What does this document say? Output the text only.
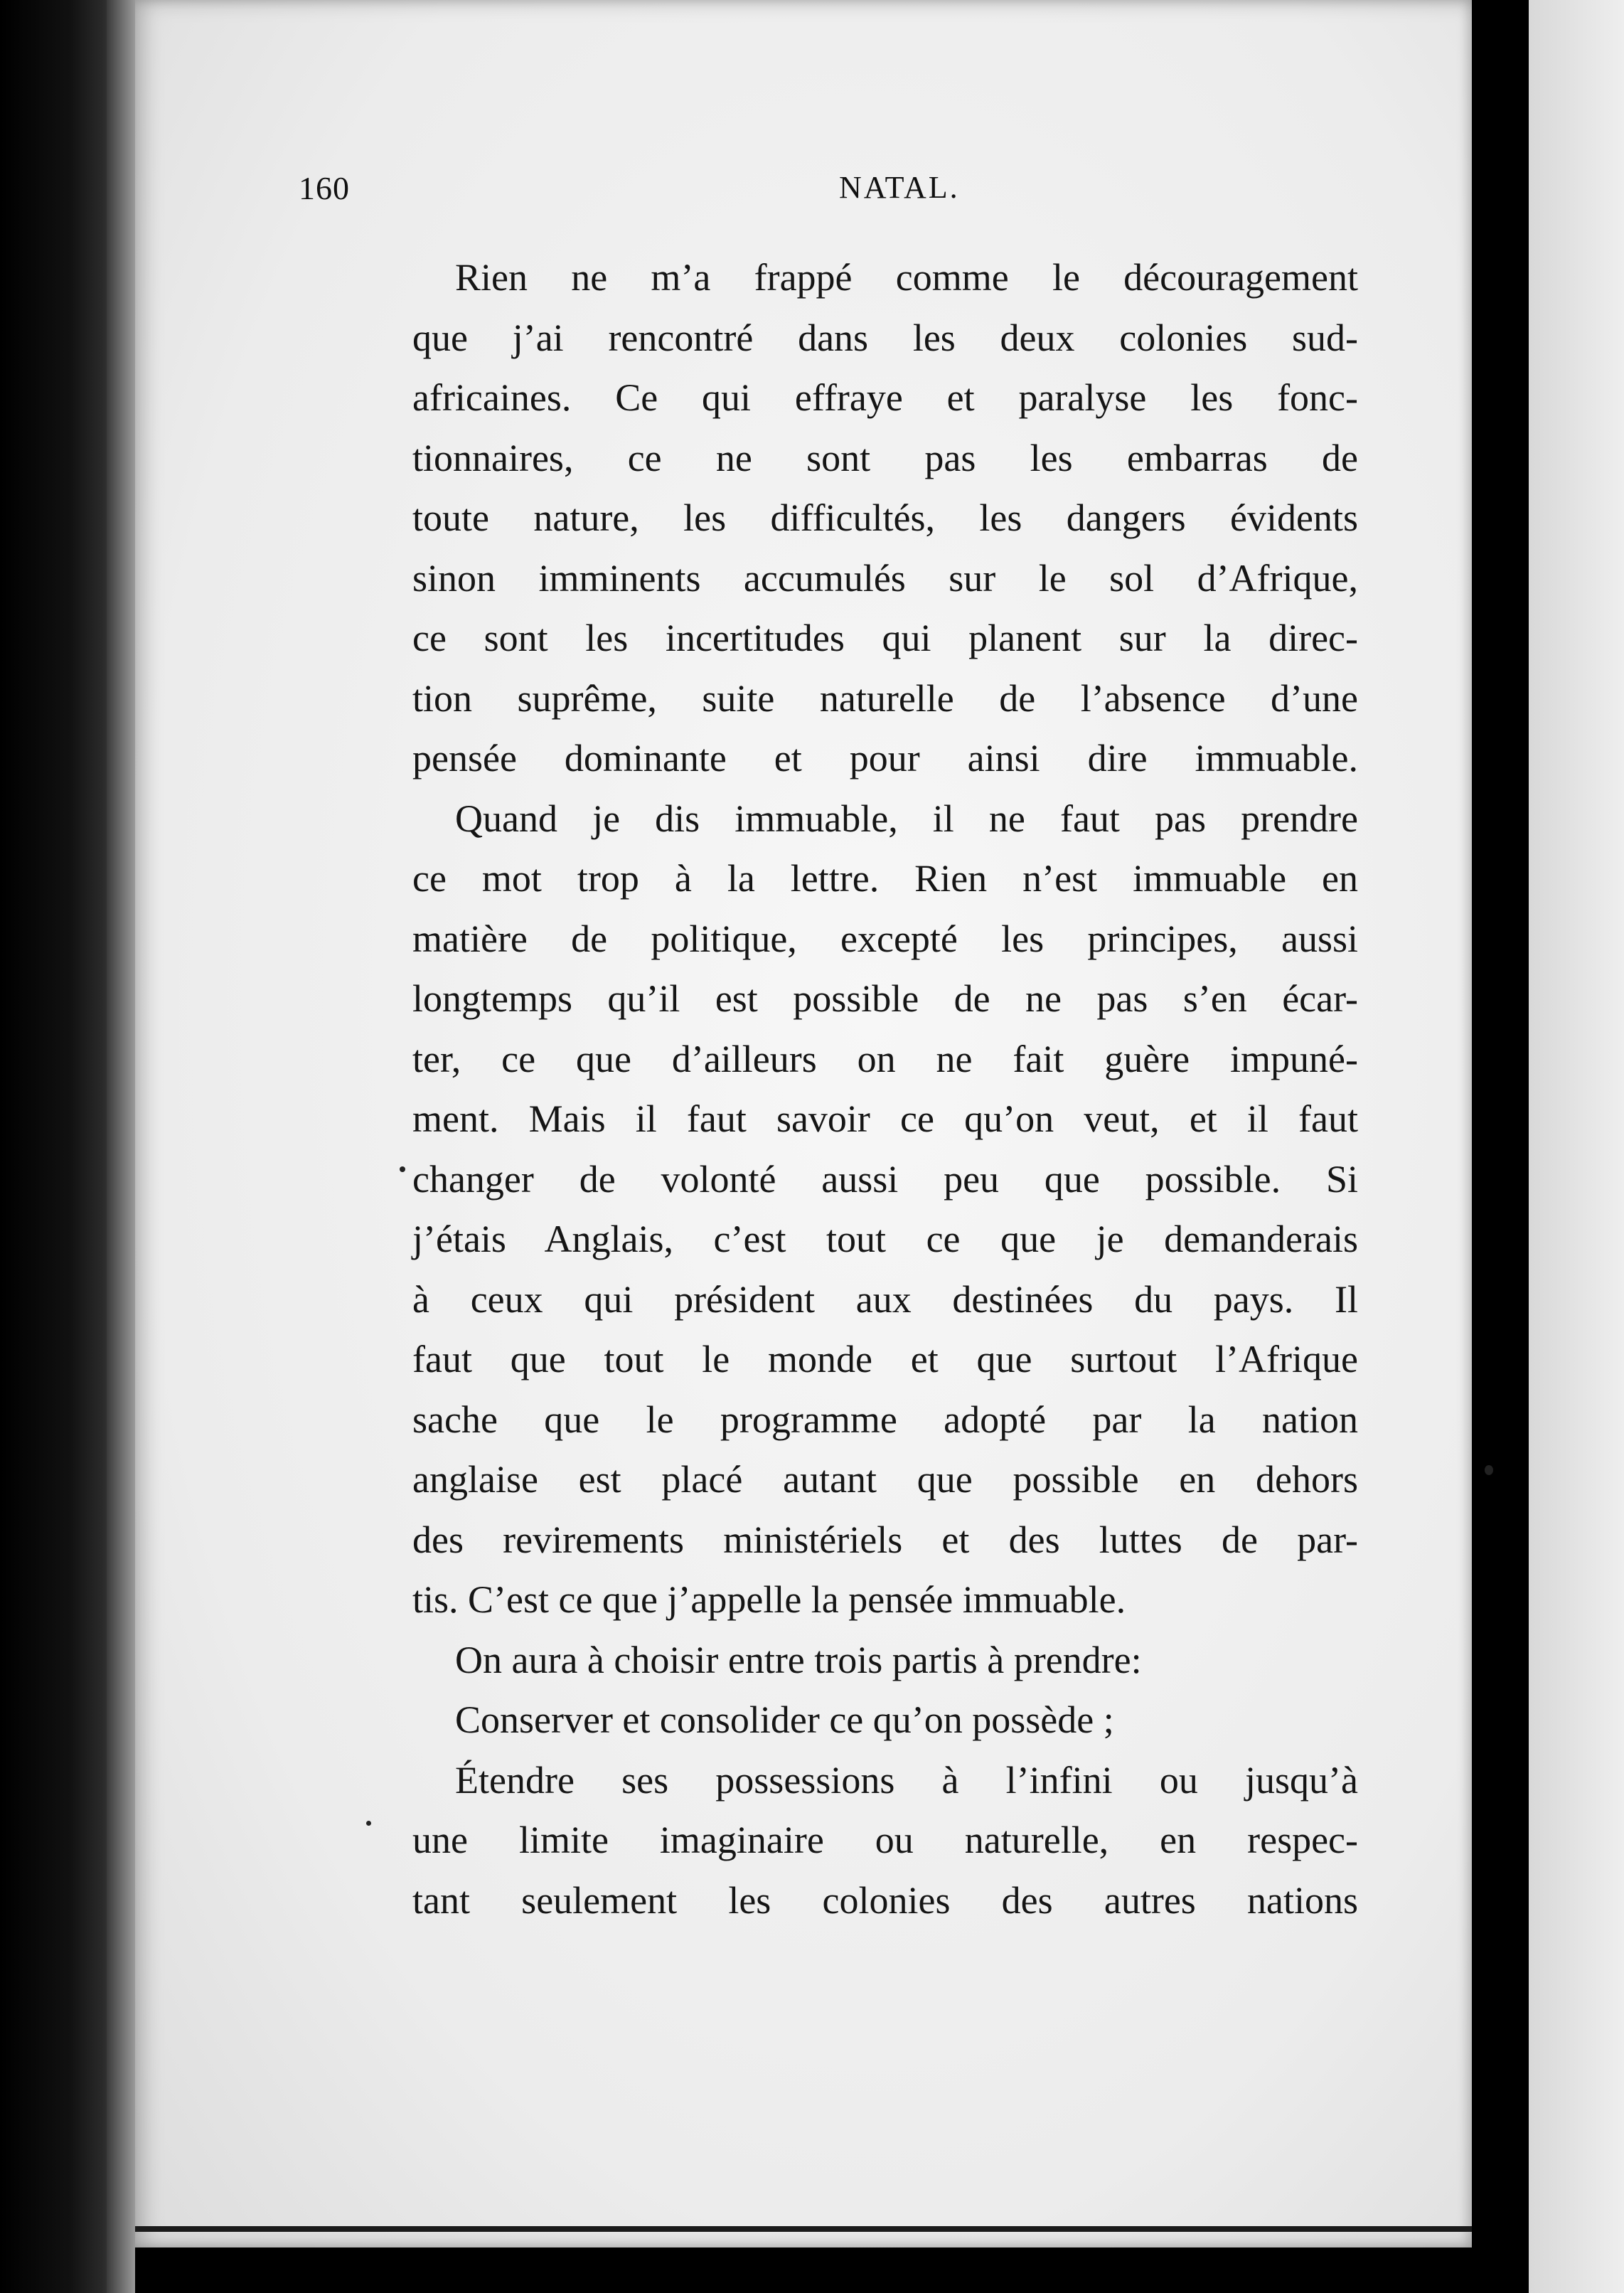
160	NATAL.
Rien ne m’a frappé comme le découragement
que j’ai rencontré dans les deux colonies sud-
africaines. Ce qui effraye et paralyse les fonc-
tionnaires, ce ne sont pas les embarras de
toute nature, les difficultés, les dangers évidents
sinon imminents accumulés sur le sol d’Afrique,
ce sont les incertitudes qui planent sur la direc-
tion suprême, suite naturelle de l’absence d’une
pensée dominante et pour ainsi dire immuable.
Quand je dis immuable, il ne faut pas prendre
ce mot trop à la lettre. Rien n’est immuable en
matière de politique, excepté les principes, aussi
longtemps qu’il est possible de ne pas s’en écar-
ter, ce que d’ailleurs on ne fait guère impuné-
ment. Mais il faut savoir ce qu’on veut, et il faut
changer de volonté aussi peu que possible. Si
j’étais Anglais, c’est tout ce que je demanderais
à ceux qui président aux destinées du pays. Il
faut que tout le monde et que surtout l’Afrique
sache que le programme adopté par la nation
anglaise est placé autant que possible en dehors
des revirements ministériels et des luttes de par-
tis. C’est ce que j’appelle la pensée immuable.
On aura à choisir entre trois partis à prendre:
Conserver et consolider ce qu’on possède ;
Étendre ses possessions à l’infini ou jusqu’à
une limite imaginaire ou naturelle, en respec-
tant seulement les colonies des autres nations
